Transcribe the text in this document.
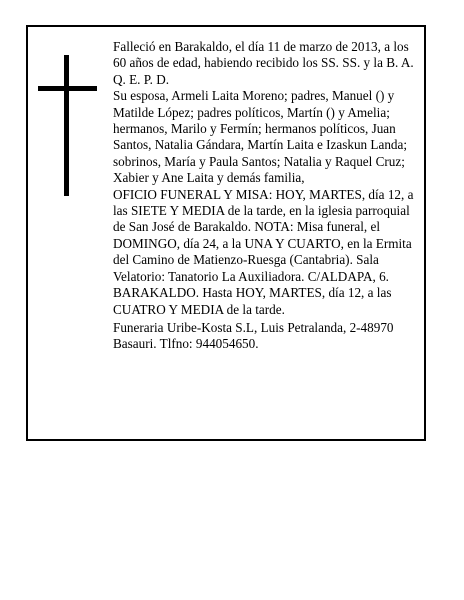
Falleció en Barakaldo, el día 11 de marzo de 2013, a los 60 años de edad, habiendo recibido los SS. SS. y la B. A.

Q. E. P. D.

Su esposa, Armeli Laita Moreno; padres, Manuel () y Matilde López; padres políticos, Martín () y Amelia; hermanos, Marilo y Fermín; hermanos políticos, Juan Santos, Natalia Gándara, Martín Laita e Izaskun Landa; sobrinos, María y Paula Santos; Natalia y Raquel Cruz; Xabier y Ane Laita y demás familia,

OFICIO FUNERAL Y MISA: HOY, MARTES, día 12, a las SIETE Y MEDIA de la tarde, en la iglesia parroquial de San José de Barakaldo. NOTA: Misa funeral, el DOMINGO, día 24, a la UNA Y CUARTO, en la Ermita del Camino de Matienzo-Ruesga (Cantabria). Sala Velatorio: Tanatorio La Auxiliadora. C/ALDAPA, 6. BARAKALDO. Hasta HOY, MARTES, día 12, a las CUATRO Y MEDIA de la tarde.

Funeraria Uribe-Kosta S.L, Luis Petralanda, 2-48970 Basauri. Tlfno: 944054650.
